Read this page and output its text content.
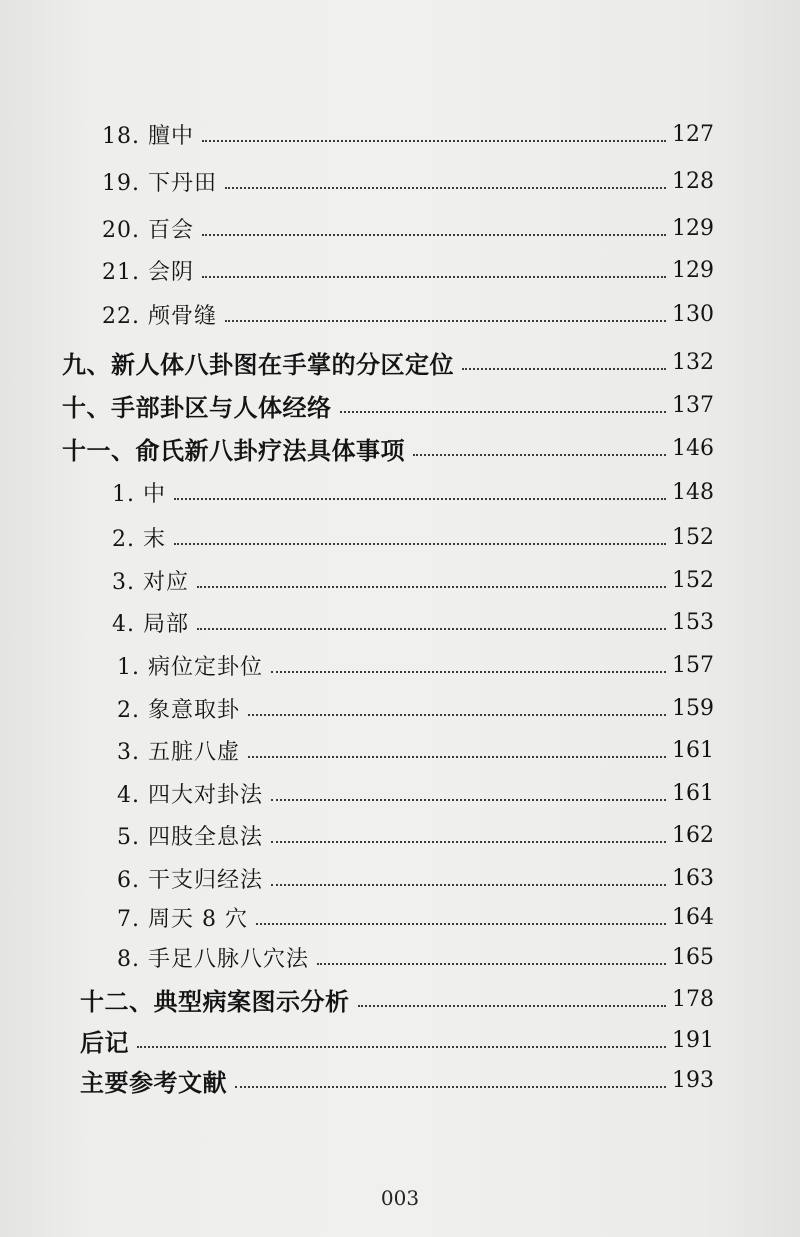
18. 膻中	127
19. 下丹田	128
20. 百会	129
21. 会阴	129
22. 颅骨缝	130
九、新人体八卦图在手掌的分区定位	132
十、手部卦区与人体经络	137
十一、俞氏新八卦疗法具体事项	146
1. 中	148
2. 末	152
3. 对应	152
4. 局部	153
1. 病位定卦位	157
2. 象意取卦	159
3. 五脏八虚	161
4. 四大对卦法	161
5. 四肢全息法	162
6. 干支归经法	163
7. 周天 8 穴	164
8. 手足八脉八穴法	165
十二、典型病案图示分析	178
后记	191
主要参考文献	193
003
